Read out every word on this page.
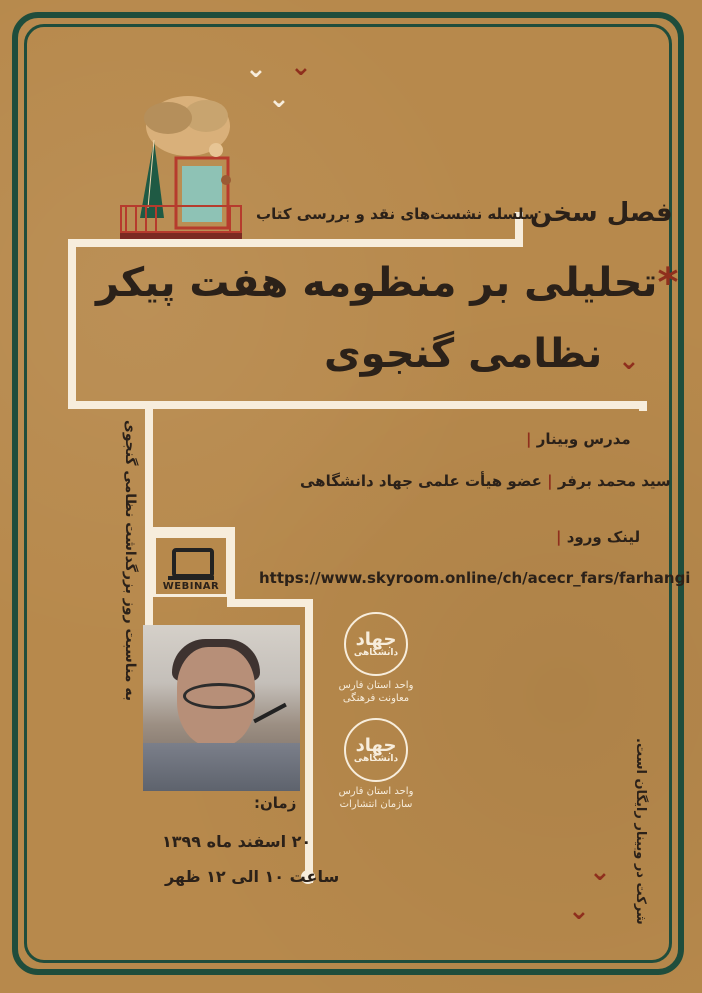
⌄ ⌄
⌄
⌄
⌄
⌄
فصل سخن
سلسله نشست‌های نقد و بررسی کتاب
*تحلیلی بر منظومه هفت پیکر
نظامی گنجوی
مدرس وبینار |
سید محمد برفر | عضو هیأت علمی جهاد دانشگاهی
لینک ورود |
https://www.skyroom.online/ch/acecr_fars/farhangi
به مناسبت روز بزرگداشت نظامی گنجوی
شرکت در وبینار رایگان است.
WEBINAR
جهاد
دانشگاهی
واحد استان فارس
معاونت فرهنگی
جهاد
دانشگاهی
واحد استان فارس
سازمان انتشارات
زمان:
۲۰ اسفند ماه ۱۳۹۹
ساعت ۱۰ الی ۱۲ ظهر
